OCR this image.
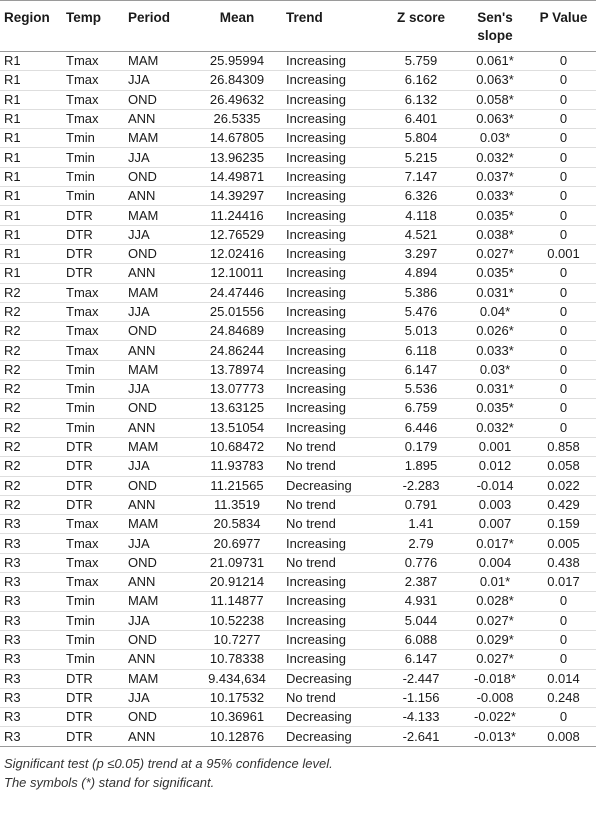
Region	Temp	Period	Mean	Trend	Z score	Sen's slope	P Value
R1	Tmax	MAM	25.95994	Increasing	5.759	0.061*	0
R1	Tmax	JJA	26.84309	Increasing	6.162	0.063*	0
R1	Tmax	OND	26.49632	Increasing	6.132	0.058*	0
R1	Tmax	ANN	26.5335	Increasing	6.401	0.063*	0
R1	Tmin	MAM	14.67805	Increasing	5.804	0.03*	0
R1	Tmin	JJA	13.96235	Increasing	5.215	0.032*	0
R1	Tmin	OND	14.49871	Increasing	7.147	0.037*	0
R1	Tmin	ANN	14.39297	Increasing	6.326	0.033*	0
R1	DTR	MAM	11.24416	Increasing	4.118	0.035*	0
R1	DTR	JJA	12.76529	Increasing	4.521	0.038*	0
R1	DTR	OND	12.02416	Increasing	3.297	0.027*	0.001
R1	DTR	ANN	12.10011	Increasing	4.894	0.035*	0
R2	Tmax	MAM	24.47446	Increasing	5.386	0.031*	0
R2	Tmax	JJA	25.01556	Increasing	5.476	0.04*	0
R2	Tmax	OND	24.84689	Increasing	5.013	0.026*	0
R2	Tmax	ANN	24.86244	Increasing	6.118	0.033*	0
R2	Tmin	MAM	13.78974	Increasing	6.147	0.03*	0
R2	Tmin	JJA	13.07773	Increasing	5.536	0.031*	0
R2	Tmin	OND	13.63125	Increasing	6.759	0.035*	0
R2	Tmin	ANN	13.51054	Increasing	6.446	0.032*	0
R2	DTR	MAM	10.68472	No trend	0.179	0.001	0.858
R2	DTR	JJA	11.93783	No trend	1.895	0.012	0.058
R2	DTR	OND	11.21565	Decreasing	-2.283	-0.014	0.022
R2	DTR	ANN	11.3519	No trend	0.791	0.003	0.429
R3	Tmax	MAM	20.5834	No trend	1.41	0.007	0.159
R3	Tmax	JJA	20.6977	Increasing	2.79	0.017*	0.005
R3	Tmax	OND	21.09731	No trend	0.776	0.004	0.438
R3	Tmax	ANN	20.91214	Increasing	2.387	0.01*	0.017
R3	Tmin	MAM	11.14877	Increasing	4.931	0.028*	0
R3	Tmin	JJA	10.52238	Increasing	5.044	0.027*	0
R3	Tmin	OND	10.7277	Increasing	6.088	0.029*	0
R3	Tmin	ANN	10.78338	Increasing	6.147	0.027*	0
R3	DTR	MAM	9.434,634	Decreasing	-2.447	-0.018*	0.014
R3	DTR	JJA	10.17532	No trend	-1.156	-0.008	0.248
R3	DTR	OND	10.36961	Decreasing	-4.133	-0.022*	0
R3	DTR	ANN	10.12876	Decreasing	-2.641	-0.013*	0.008
Significant test (p ≤0.05) trend at a 95% confidence level.
The symbols (*) stand for significant.
